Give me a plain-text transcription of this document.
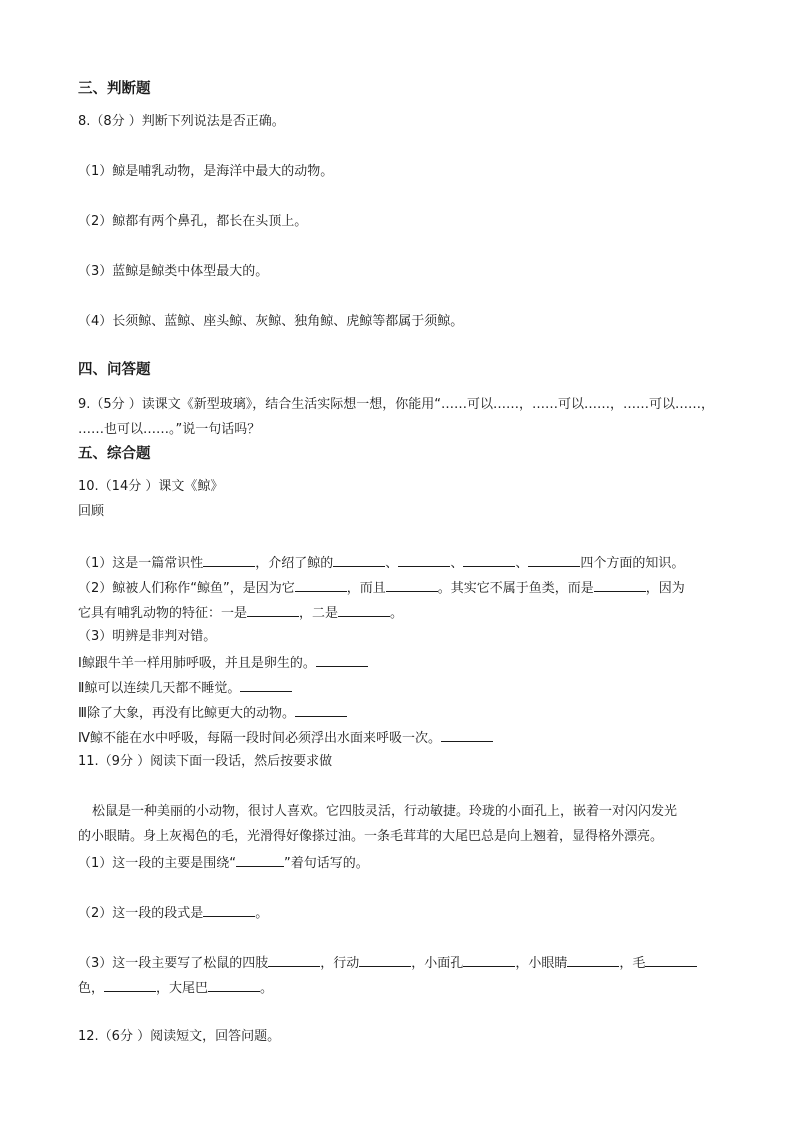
三、判断题
8.（8分 ）判断下列说法是否正确。
（1）鲸是哺乳动物，是海洋中最大的动物。
（2）鲸都有两个鼻孔，都长在头顶上。
（3）蓝鲸是鲸类中体型最大的。
（4）长须鲸、蓝鲸、座头鲸、灰鲸、独角鲸、虎鲸等都属于须鲸。
四、问答题
9.（5分 ）读课文《新型玻璃》，结合生活实际想一想，你能用“……可以……，……可以……，……可以……，
……也可以……。”说一句话吗？
五、综合题
10.（14分 ）课文《鲸》
回顾
（1）这是一篇常识性	，介绍了鲸的	、	、	、	四个方面的知识。
（2）鲸被人们称作“鲸鱼”，是因为它	，而且	。其实它不属于鱼类，而是	，因为
它具有哺乳动物的特征：一是	，二是	。
（3）明辨是非判对错。
Ⅰ鲸跟牛羊一样用肺呼吸，并且是卵生的。
Ⅱ鲸可以连续几天都不睡觉。
Ⅲ除了大象，再没有比鲸更大的动物。
Ⅳ鲸不能在水中呼吸，每隔一段时间必须浮出水面来呼吸一次。
11.（9分 ）阅读下面一段话，然后按要求做
松鼠是一种美丽的小动物，很讨人喜欢。它四肢灵活，行动敏捷。玲珑的小面孔上，嵌着一对闪闪发光
的小眼睛。身上灰褐色的毛，光滑得好像搽过油。一条毛茸茸的大尾巴总是向上翘着，显得格外漂亮。
（1）这一段的主要是围绕“	”着句话写的。
（2）这一段的段式是	。
（3）这一段主要写了松鼠的四肢	，行动	，小面孔	，小眼睛	，毛
色，	，大尾巴	。
12.（6分 ）阅读短文，回答问题。
